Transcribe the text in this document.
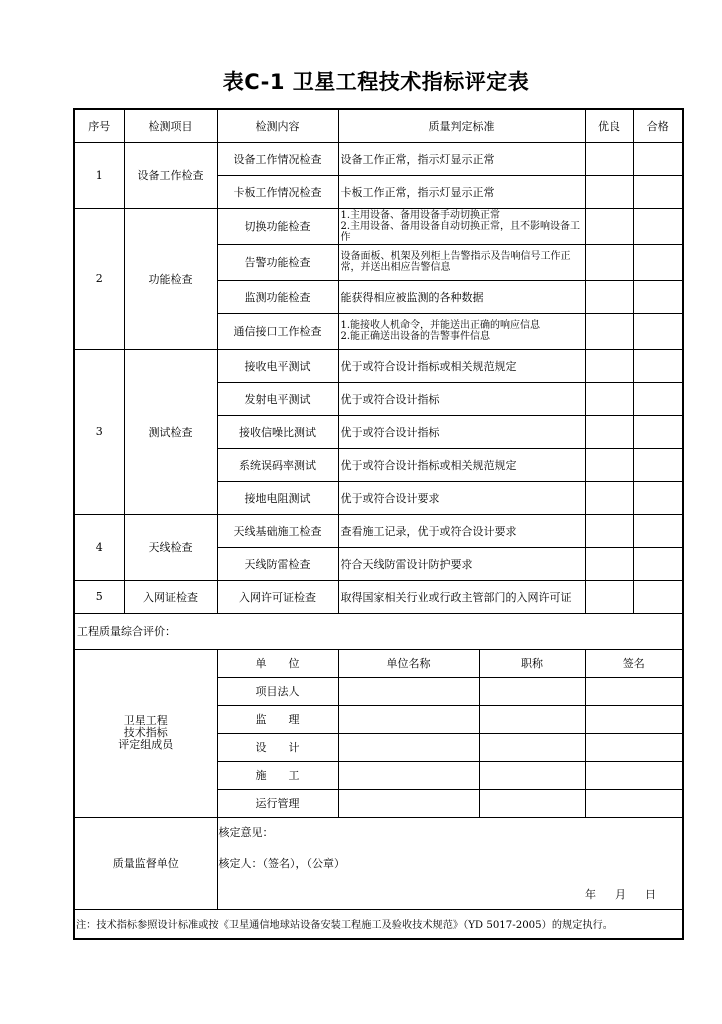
表C-1 卫星工程技术指标评定表
序号	检测项目	检测内容	质量判定标准		优良	合格
1	设备工作检查	设备工作情况检查	设备工作正常，指示灯显示正常			
		卡板工作情况检查	卡板工作正常，指示灯显示正常			
2	功能检查	切换功能检查	1.主用设备、备用设备手动切换正常
2.主用设备、备用设备自动切换正常，且不影响设备工作			
		告警功能检查	设备面板、机架及列柜上告警指示及告响信号工作正常，并送出相应告警信息			
		监测功能检查	能获得相应被监测的各种数据			
		通信接口工作检查	1.能接收人机命令，并能送出正确的响应信息
2.能正确送出设备的告警事件信息			
3	测试检查	接收电平测试	优于或符合设计指标或相关规范规定			
		发射电平测试	优于或符合设计指标			
		接收信噪比测试	优于或符合设计指标			
		系统误码率测试	优于或符合设计指标或相关规范规定			
		接地电阻测试	优于或符合设计要求			
4	天线检查	天线基础施工检查	查看施工记录，优于或符合设计要求			
		天线防雷检查	符合天线防雷设计防护要求			
5	入网证检查	入网许可证检查	取得国家相关行业或行政主管部门的入网许可证			
工程质量综合评价：						
卫星工程
技术指标
评定组成员		单　　位	单位名称	职称	签名	
		项目法人				
		监　　理				
		设　　计				
		施　　工				
		运行管理				
质量监督单位		核定意见：
核定人：（签名），（公章）
年　月　日				

注：技术指标参照设计标准或按《卫星通信地球站设备安装工程施工及验收技术规范》（YD 5017-2005）的规定执行。						
